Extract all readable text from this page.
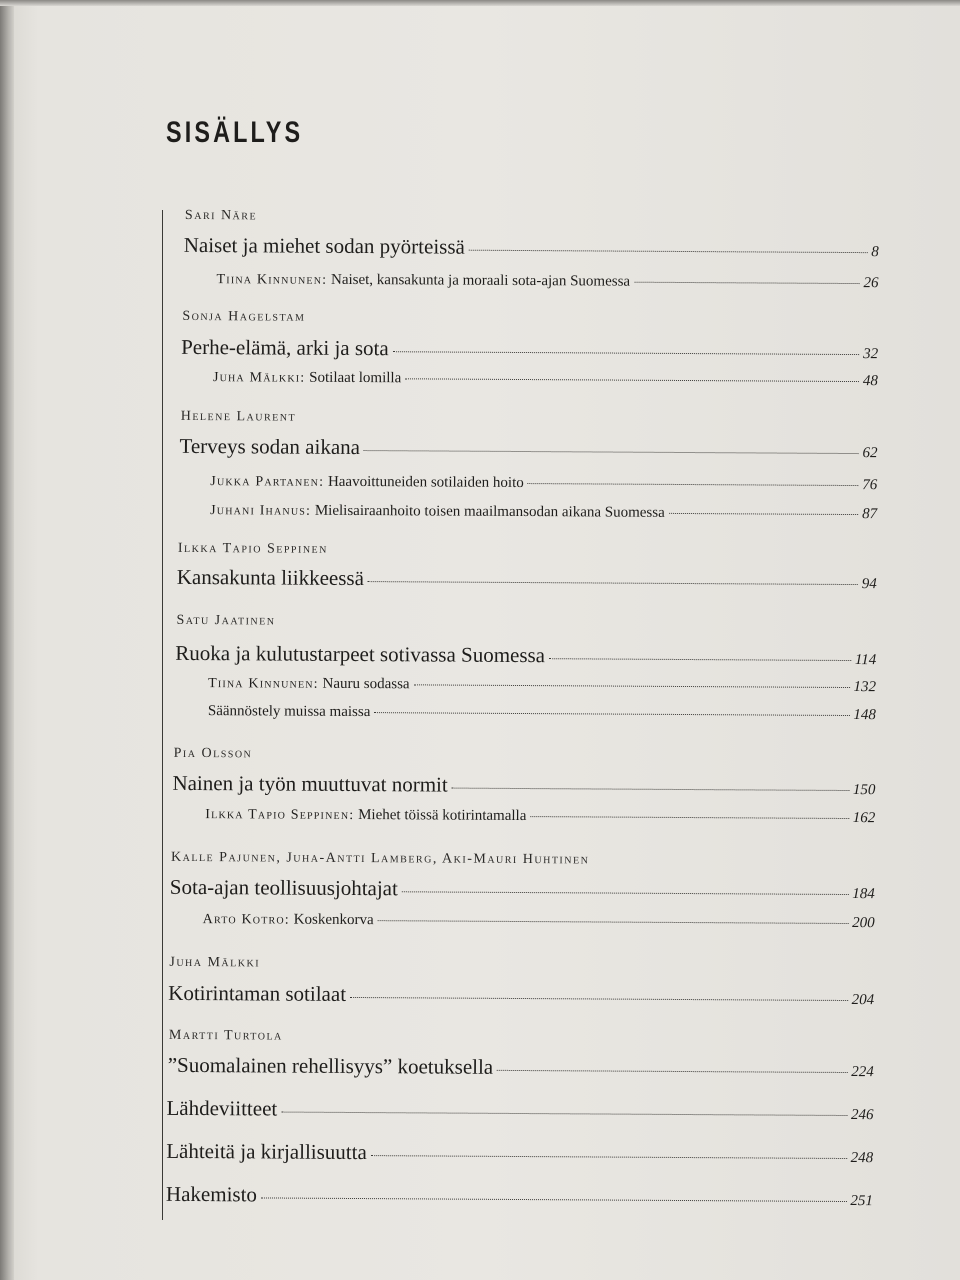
SISÄLLYS
Sari Näre
Naiset ja miehet sodan pyörteissä	8
Tiina Kinnunen: Naiset, kansakunta ja moraali sota-ajan Suomessa	26
Sonja Hagelstam
Perhe-elämä, arki ja sota	32
Juha Mälkki: Sotilaat lomilla	48
Helene Laurent
Terveys sodan aikana	62
Jukka Partanen: Haavoittuneiden sotilaiden hoito	76
Juhani Ihanus: Mielisairaanhoito toisen maailmansodan aikana Suomessa	87
Ilkka Tapio Seppinen
Kansakunta liikkeessä	94
Satu Jaatinen
Ruoka ja kulutustarpeet sotivassa Suomessa	114
Tiina Kinnunen: Nauru sodassa	132
Säännöstely muissa maissa	148
Pia Olsson
Nainen ja työn muuttuvat normit	150
Ilkka Tapio Seppinen: Miehet töissä kotirintamalla	162
Kalle Pajunen, Juha-Antti Lamberg, Aki-Mauri Huhtinen
Sota-ajan teollisuusjohtajat	184
Arto Kotro: Koskenkorva	200
Juha Mälkki
Kotirintaman sotilaat	204
Martti Turtola
”Suomalainen rehellisyys” koetuksella	224
Lähdeviitteet	246
Lähteitä ja kirjallisuutta	248
Hakemisto	251
